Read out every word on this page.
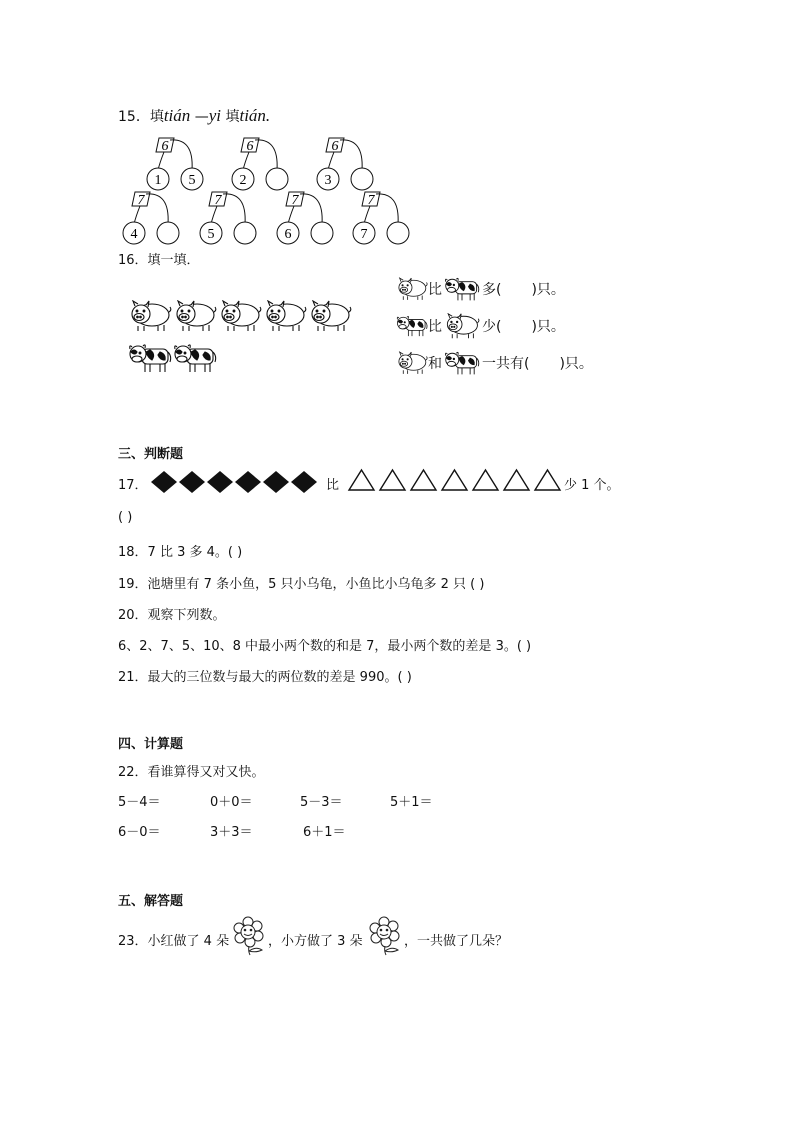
15．填tián —yi 填tián.
6
1 5
6
2
6
3
7
4
7
5
7
6
7
7
16．填一填．
比	多( )只。
比	少( )只。
和	一共有( )只。
三、判断题
17．	比	少 1 个。
( )
18．7 比 3 多 4。( )
19．池塘里有 7 条小鱼，5 只小乌龟，小鱼比小乌龟多 2 只 ( )
20．观察下列数。
6、2、7、5、10、8 中最小两个数的和是 7，最小两个数的差是 3。( )
21．最大的三位数与最大的两位数的差是 990。( )
四、计算题
22．看谁算得又对又快。
5－4＝	0＋0＝	5－3＝	5＋1＝
6－0＝	3＋3＝	6＋1＝
五、解答题
23．小红做了 4 朵	，小方做了 3 朵	，一共做了几朵？
